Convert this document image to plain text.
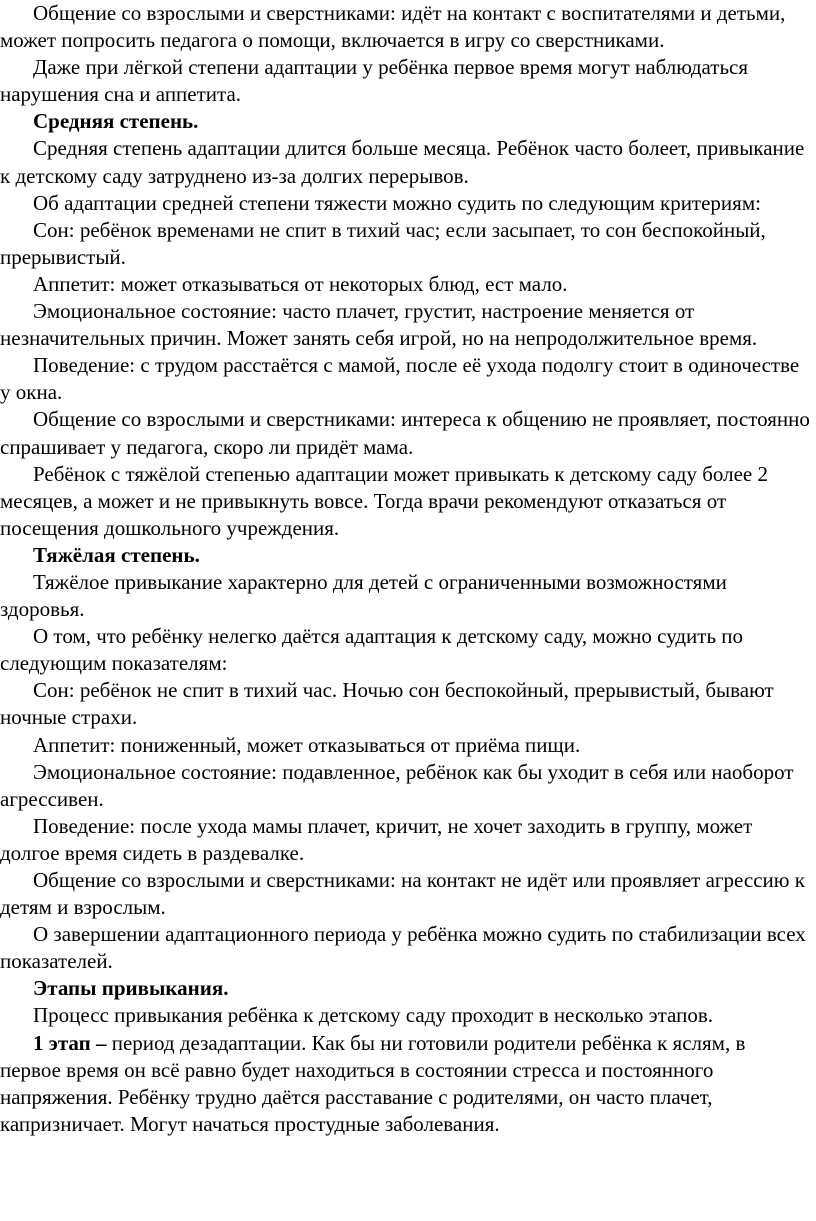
Общение со взрослыми и сверстниками: идёт на контакт с воспитателями и детьми, может попросить педагога о помощи, включается в игру со сверстниками.

Даже при лёгкой степени адаптации у ребёнка первое время могут наблюдаться нарушения сна и аппетита.

Средняя степень.

Средняя степень адаптации длится больше месяца. Ребёнок часто болеет, привыкание к детскому саду затруднено из-за долгих перерывов.

Об адаптации средней степени тяжести можно судить по следующим критериям:

Сон: ребёнок временами не спит в тихий час; если засыпает, то сон беспокойный, прерывистый.

Аппетит: может отказываться от некоторых блюд, ест мало.

Эмоциональное состояние: часто плачет, грустит, настроение меняется от незначительных причин. Может занять себя игрой, но на непродолжительное время.

Поведение: с трудом расстаётся с мамой, после её ухода подолгу стоит в одиночестве у окна.

Общение со взрослыми и сверстниками: интереса к общению не проявляет, постоянно спрашивает у педагога, скоро ли придёт мама.

Ребёнок с тяжёлой степенью адаптации может привыкать к детскому саду более 2 месяцев, а может и не привыкнуть вовсе. Тогда врачи рекомендуют отказаться от посещения дошкольного учреждения.

Тяжёлая степень.

Тяжёлое привыкание характерно для детей с ограниченными возможностями здоровья.

О том, что ребёнку нелегко даётся адаптация к детскому саду, можно судить по следующим показателям:

Сон: ребёнок не спит в тихий час. Ночью сон беспокойный, прерывистый, бывают ночные страхи.

Аппетит: пониженный, может отказываться от приёма пищи.

Эмоциональное состояние: подавленное, ребёнок как бы уходит в себя или наоборот агрессивен.

Поведение: после ухода мамы плачет, кричит, не хочет заходить в группу, может долгое время сидеть в раздевалке.

Общение со взрослыми и сверстниками: на контакт не идёт или проявляет агрессию к детям и взрослым.

О завершении адаптационного периода у ребёнка можно судить по стабилизации всех показателей.

Этапы привыкания.

Процесс привыкания ребёнка к детскому саду проходит в несколько этапов.

1 этап – период дезадаптации. Как бы ни готовили родители ребёнка к яслям, в первое время он всё равно будет находиться в состоянии стресса и постоянного напряжения. Ребёнку трудно даётся расставание с родителями, он часто плачет, капризничает. Могут начаться простудные заболевания.
